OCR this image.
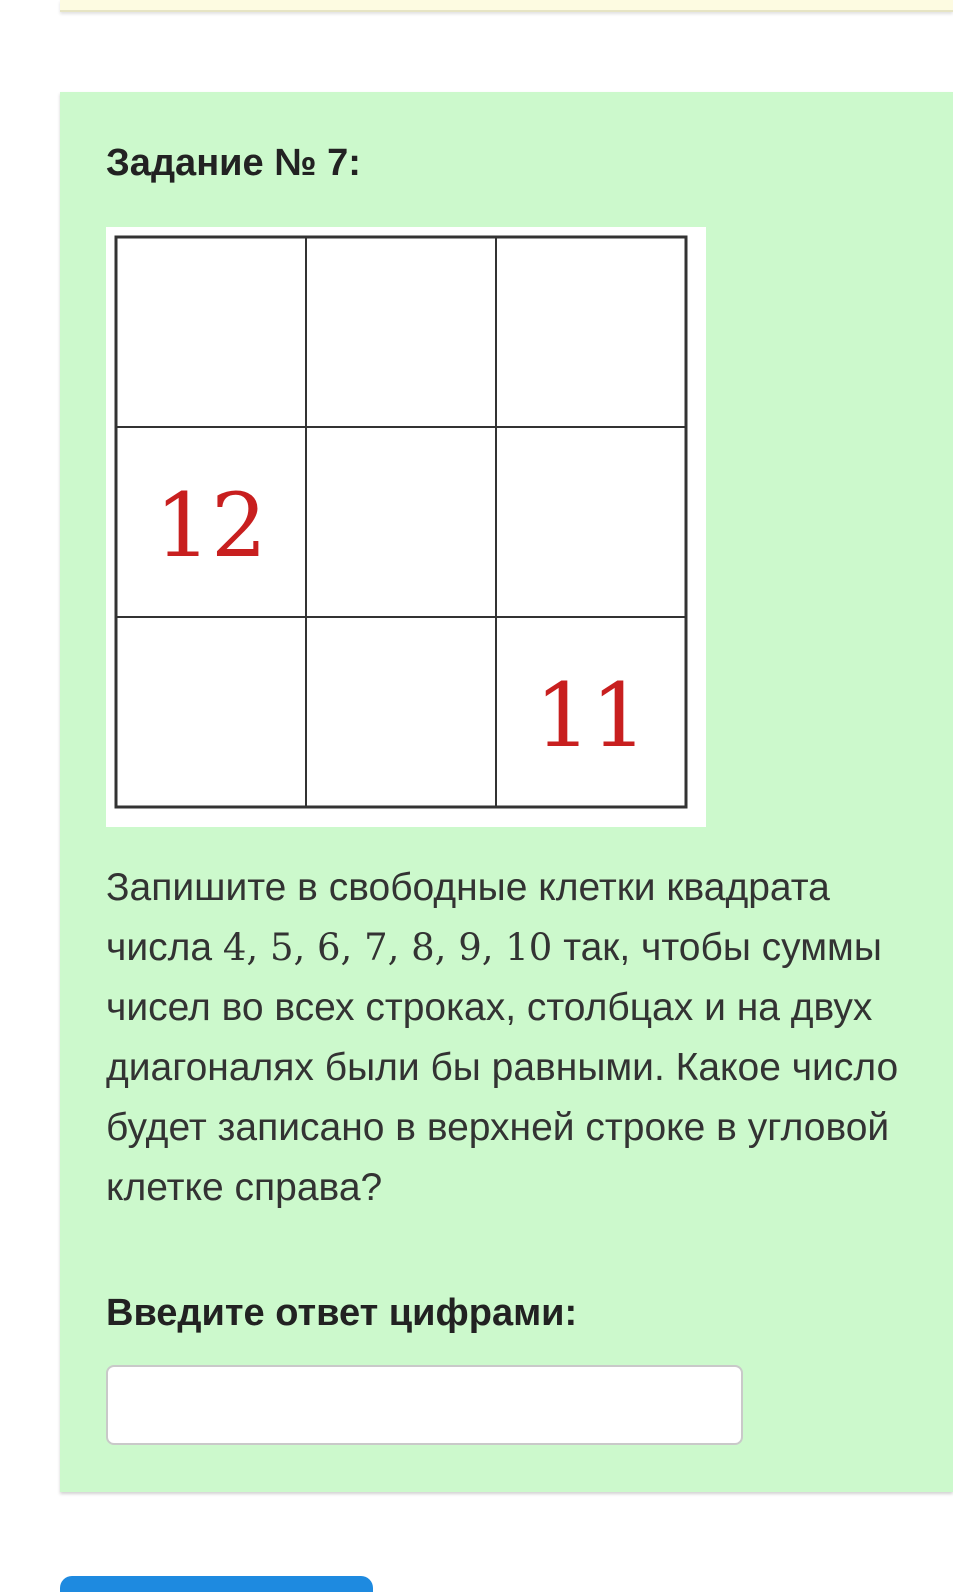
Задание № 7:
12
11

Запишите в свободные клетки квадрата числа 4, 5, 6, 7, 8, 9, 10 так, чтобы суммы чисел во всех строках, столбцах и на двух диагоналях были бы равными. Какое число будет записано в верхней строке в угловой клетке справа?

Введите ответ цифрами:
